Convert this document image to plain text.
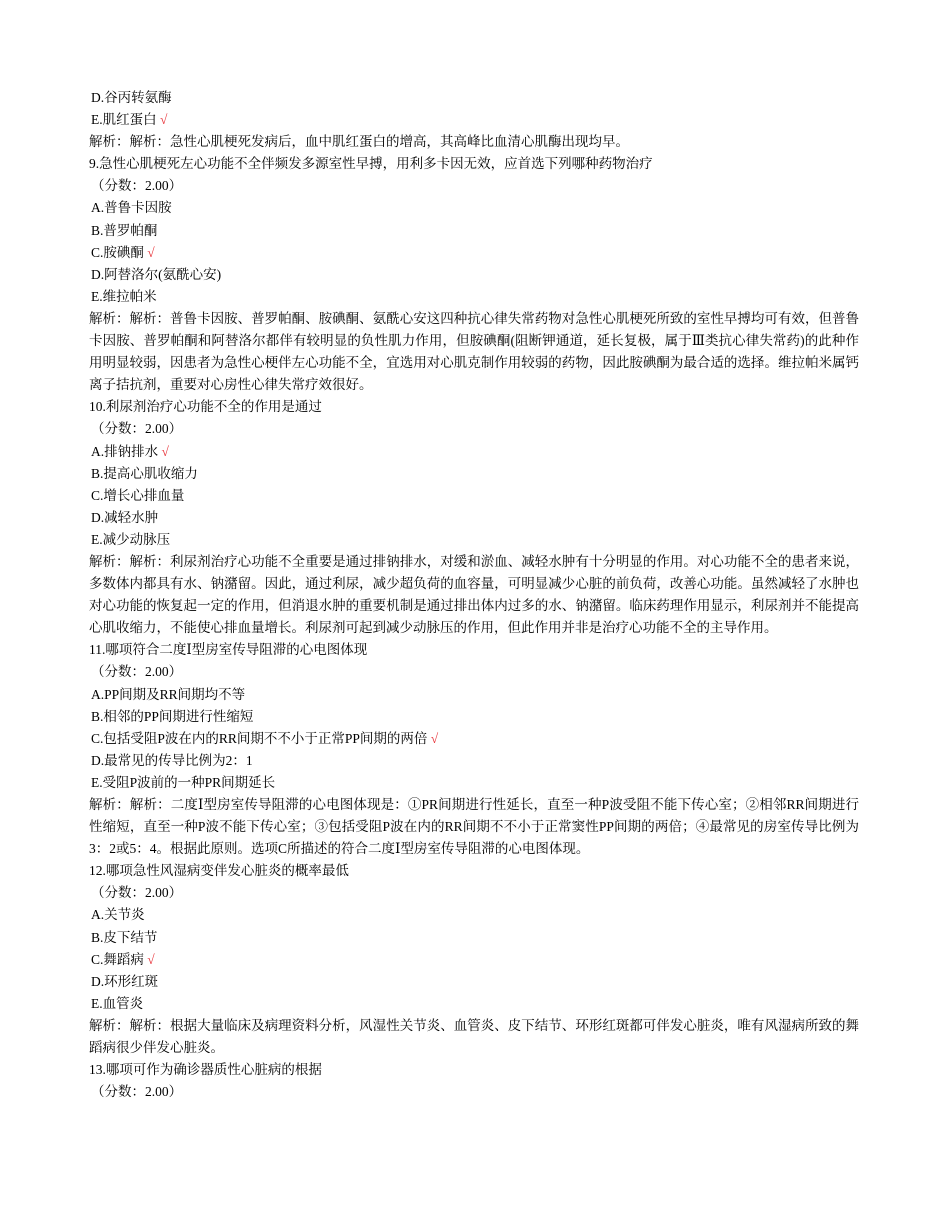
D.谷丙转氨酶
E.肌红蛋白 √
解析：解析：急性心肌梗死发病后，血中肌红蛋白的增高，其高峰比血清心肌酶出现均早。
9.急性心肌梗死左心功能不全伴频发多源室性早搏，用利多卡因无效，应首选下列哪种药物治疗
（分数：2.00）
A.普鲁卡因胺
B.普罗帕酮
C.胺碘酮 √
D.阿替洛尔(氨酰心安)
E.维拉帕米
解析：解析：普鲁卡因胺、普罗帕酮、胺碘酮、氨酰心安这四种抗心律失常药物对急性心肌梗死所致的室性早搏均可有效，但普鲁卡因胺、普罗帕酮和阿替洛尔都伴有较明显的负性肌力作用，但胺碘酮(阻断钾通道，延长复极，属于Ⅲ类抗心律失常药)的此种作用明显较弱，因患者为急性心梗伴左心功能不全，宜选用对心肌克制作用较弱的药物，因此胺碘酮为最合适的选择。维拉帕米属钙离子拮抗剂，重要对心房性心律失常疗效很好。
10.利尿剂治疗心功能不全的作用是通过
（分数：2.00）
A.排钠排水 √
B.提高心肌收缩力
C.增长心排血量
D.减轻水肿
E.减少动脉压
解析：解析：利尿剂治疗心功能不全重要是通过排钠排水，对缓和淤血、减轻水肿有十分明显的作用。对心功能不全的患者来说，多数体内都具有水、钠潴留。因此，通过利尿，减少超负荷的血容量，可明显减少心脏的前负荷，改善心功能。虽然减轻了水肿也对心功能的恢复起一定的作用，但消退水肿的重要机制是通过排出体内过多的水、钠潴留。临床药理作用显示，利尿剂并不能提高心肌收缩力，不能使心排血量增长。利尿剂可起到减少动脉压的作用，但此作用并非是治疗心功能不全的主导作用。
11.哪项符合二度Ⅰ型房室传导阻滞的心电图体现
（分数：2.00）
A.PP间期及RR间期均不等
B.相邻的PP间期进行性缩短
C.包括受阻P波在内的RR间期不不小于正常PP间期的两倍 √
D.最常见的传导比例为2：1
E.受阻P波前的一种PR间期延长
解析：解析：二度Ⅰ型房室传导阻滞的心电图体现是：①PR间期进行性延长，直至一种P波受阻不能下传心室；②相邻RR间期进行性缩短，直至一种P波不能下传心室；③包括受阻P波在内的RR间期不不小于正常窦性PP间期的两倍；④最常见的房室传导比例为3：2或5：4。根据此原则。选项C所描述的符合二度Ⅰ型房室传导阻滞的心电图体现。
12.哪项急性风湿病变伴发心脏炎的概率最低
（分数：2.00）
A.关节炎
B.皮下结节
C.舞蹈病 √
D.环形红斑
E.血管炎
解析：解析：根据大量临床及病理资料分析，风湿性关节炎、血管炎、皮下结节、环形红斑都可伴发心脏炎，唯有风湿病所致的舞蹈病很少伴发心脏炎。
13.哪项可作为确诊器质性心脏病的根据
（分数：2.00）
